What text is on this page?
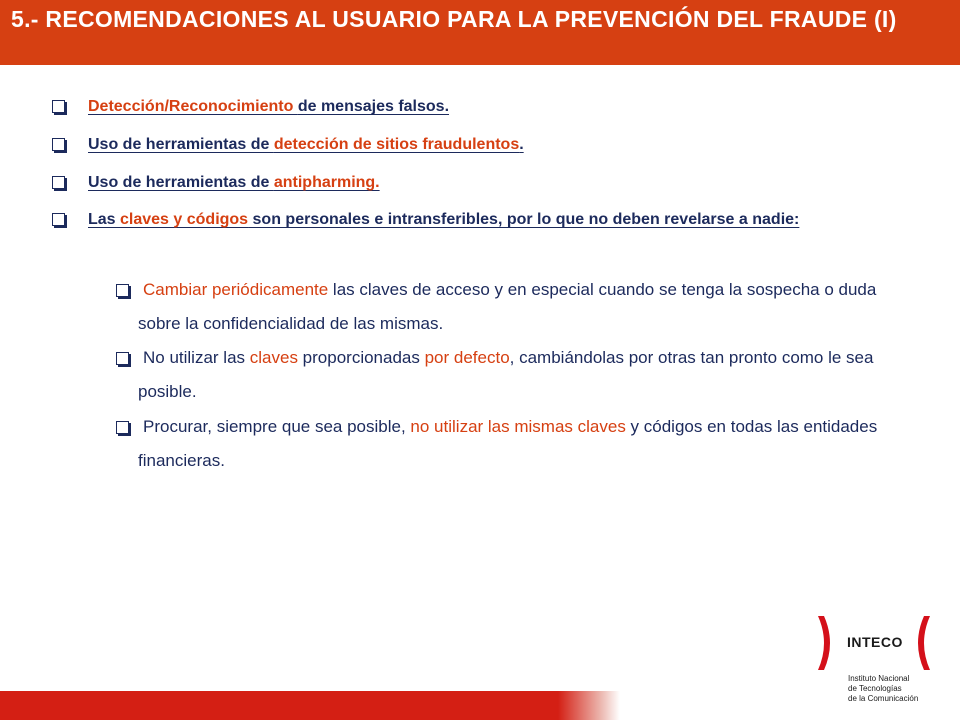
5.- RECOMENDACIONES AL USUARIO PARA LA PREVENCIÓN DEL FRAUDE (I)
Detección/Reconocimiento de mensajes falsos.
Uso de herramientas de detección de sitios fraudulentos.
Uso de herramientas de antipharming.
Las claves y códigos son personales e intransferibles, por lo que no deben revelarse a nadie:
Cambiar periódicamente las claves de acceso y en especial cuando se tenga la sospecha o duda sobre la confidencialidad de las mismas.
No utilizar las claves proporcionadas por defecto, cambiándolas por otras tan pronto como le sea posible.
Procurar, siempre que sea posible, no utilizar las mismas claves y códigos en todas las entidades financieras.
INTECO
Instituto Nacional
de Tecnologías
de la Comunicación
